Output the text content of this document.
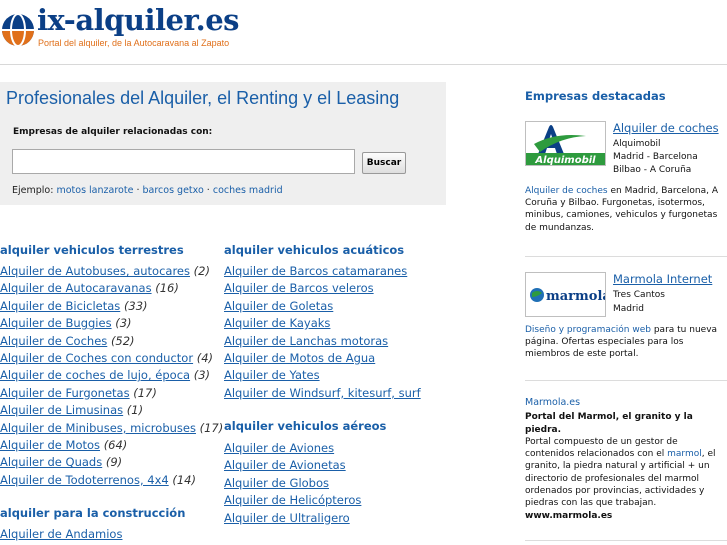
ix-alquiler.es
Portal del alquiler, de la Autocaravana al Zapato
Profesionales del Alquiler, el Renting y el Leasing
Empresas de alquiler relacionadas con:
Buscar
Ejemplo: motos lanzarote · barcos getxo · coches madrid
alquiler vehiculos terrestres
Alquiler de Autobuses, autocares (2)
Alquiler de Autocaravanas (16)
Alquiler de Bicicletas (33)
Alquiler de Buggies (3)
Alquiler de Coches (52)
Alquiler de Coches con conductor (4)
Alquiler de coches de lujo, época (3)
Alquiler de Furgonetas (17)
Alquiler de Limusinas (1)
Alquiler de Minibuses, microbuses (17)
Alquiler de Motos (64)
Alquiler de Quads (9)
Alquiler de Todoterrenos, 4x4 (14)
alquiler para la construcción
Alquiler de Andamios
alquiler vehiculos acuáticos
Alquiler de Barcos catamaranes
Alquiler de Barcos veleros
Alquiler de Goletas
Alquiler de Kayaks
Alquiler de Lanchas motoras
Alquiler de Motos de Agua
Alquiler de Yates
Alquiler de Windsurf, kitesurf, surf
alquiler vehiculos aéreos
Alquiler de Aviones
Alquiler de Avionetas
Alquiler de Globos
Alquiler de Helicópteros
Alquiler de Ultraligero
Empresas destacadas
Alquimobil
Alquiler de coches
Alquimobil
Madrid - Barcelona
Bilbao - A Coruña
Alquiler de coches en Madrid, Barcelona, A Coruña y Bilbao. Furgonetas, isotermos, minibus, camiones, vehiculos y furgonetas de mundanzas.
marmola
Marmola Internet
Tres Cantos
Madrid
Diseño y programación web para tu nueva página. Ofertas especiales para los miembros de este portal.
Marmola.es
Portal del Marmol, el granito y la piedra.
Portal compuesto de un gestor de contenidos relacionados con el marmol, el granito, la piedra natural y artificial + un directorio de profesionales del marmol ordenados por provincias, actividades y piedras con las que trabajan.
www.marmola.es
